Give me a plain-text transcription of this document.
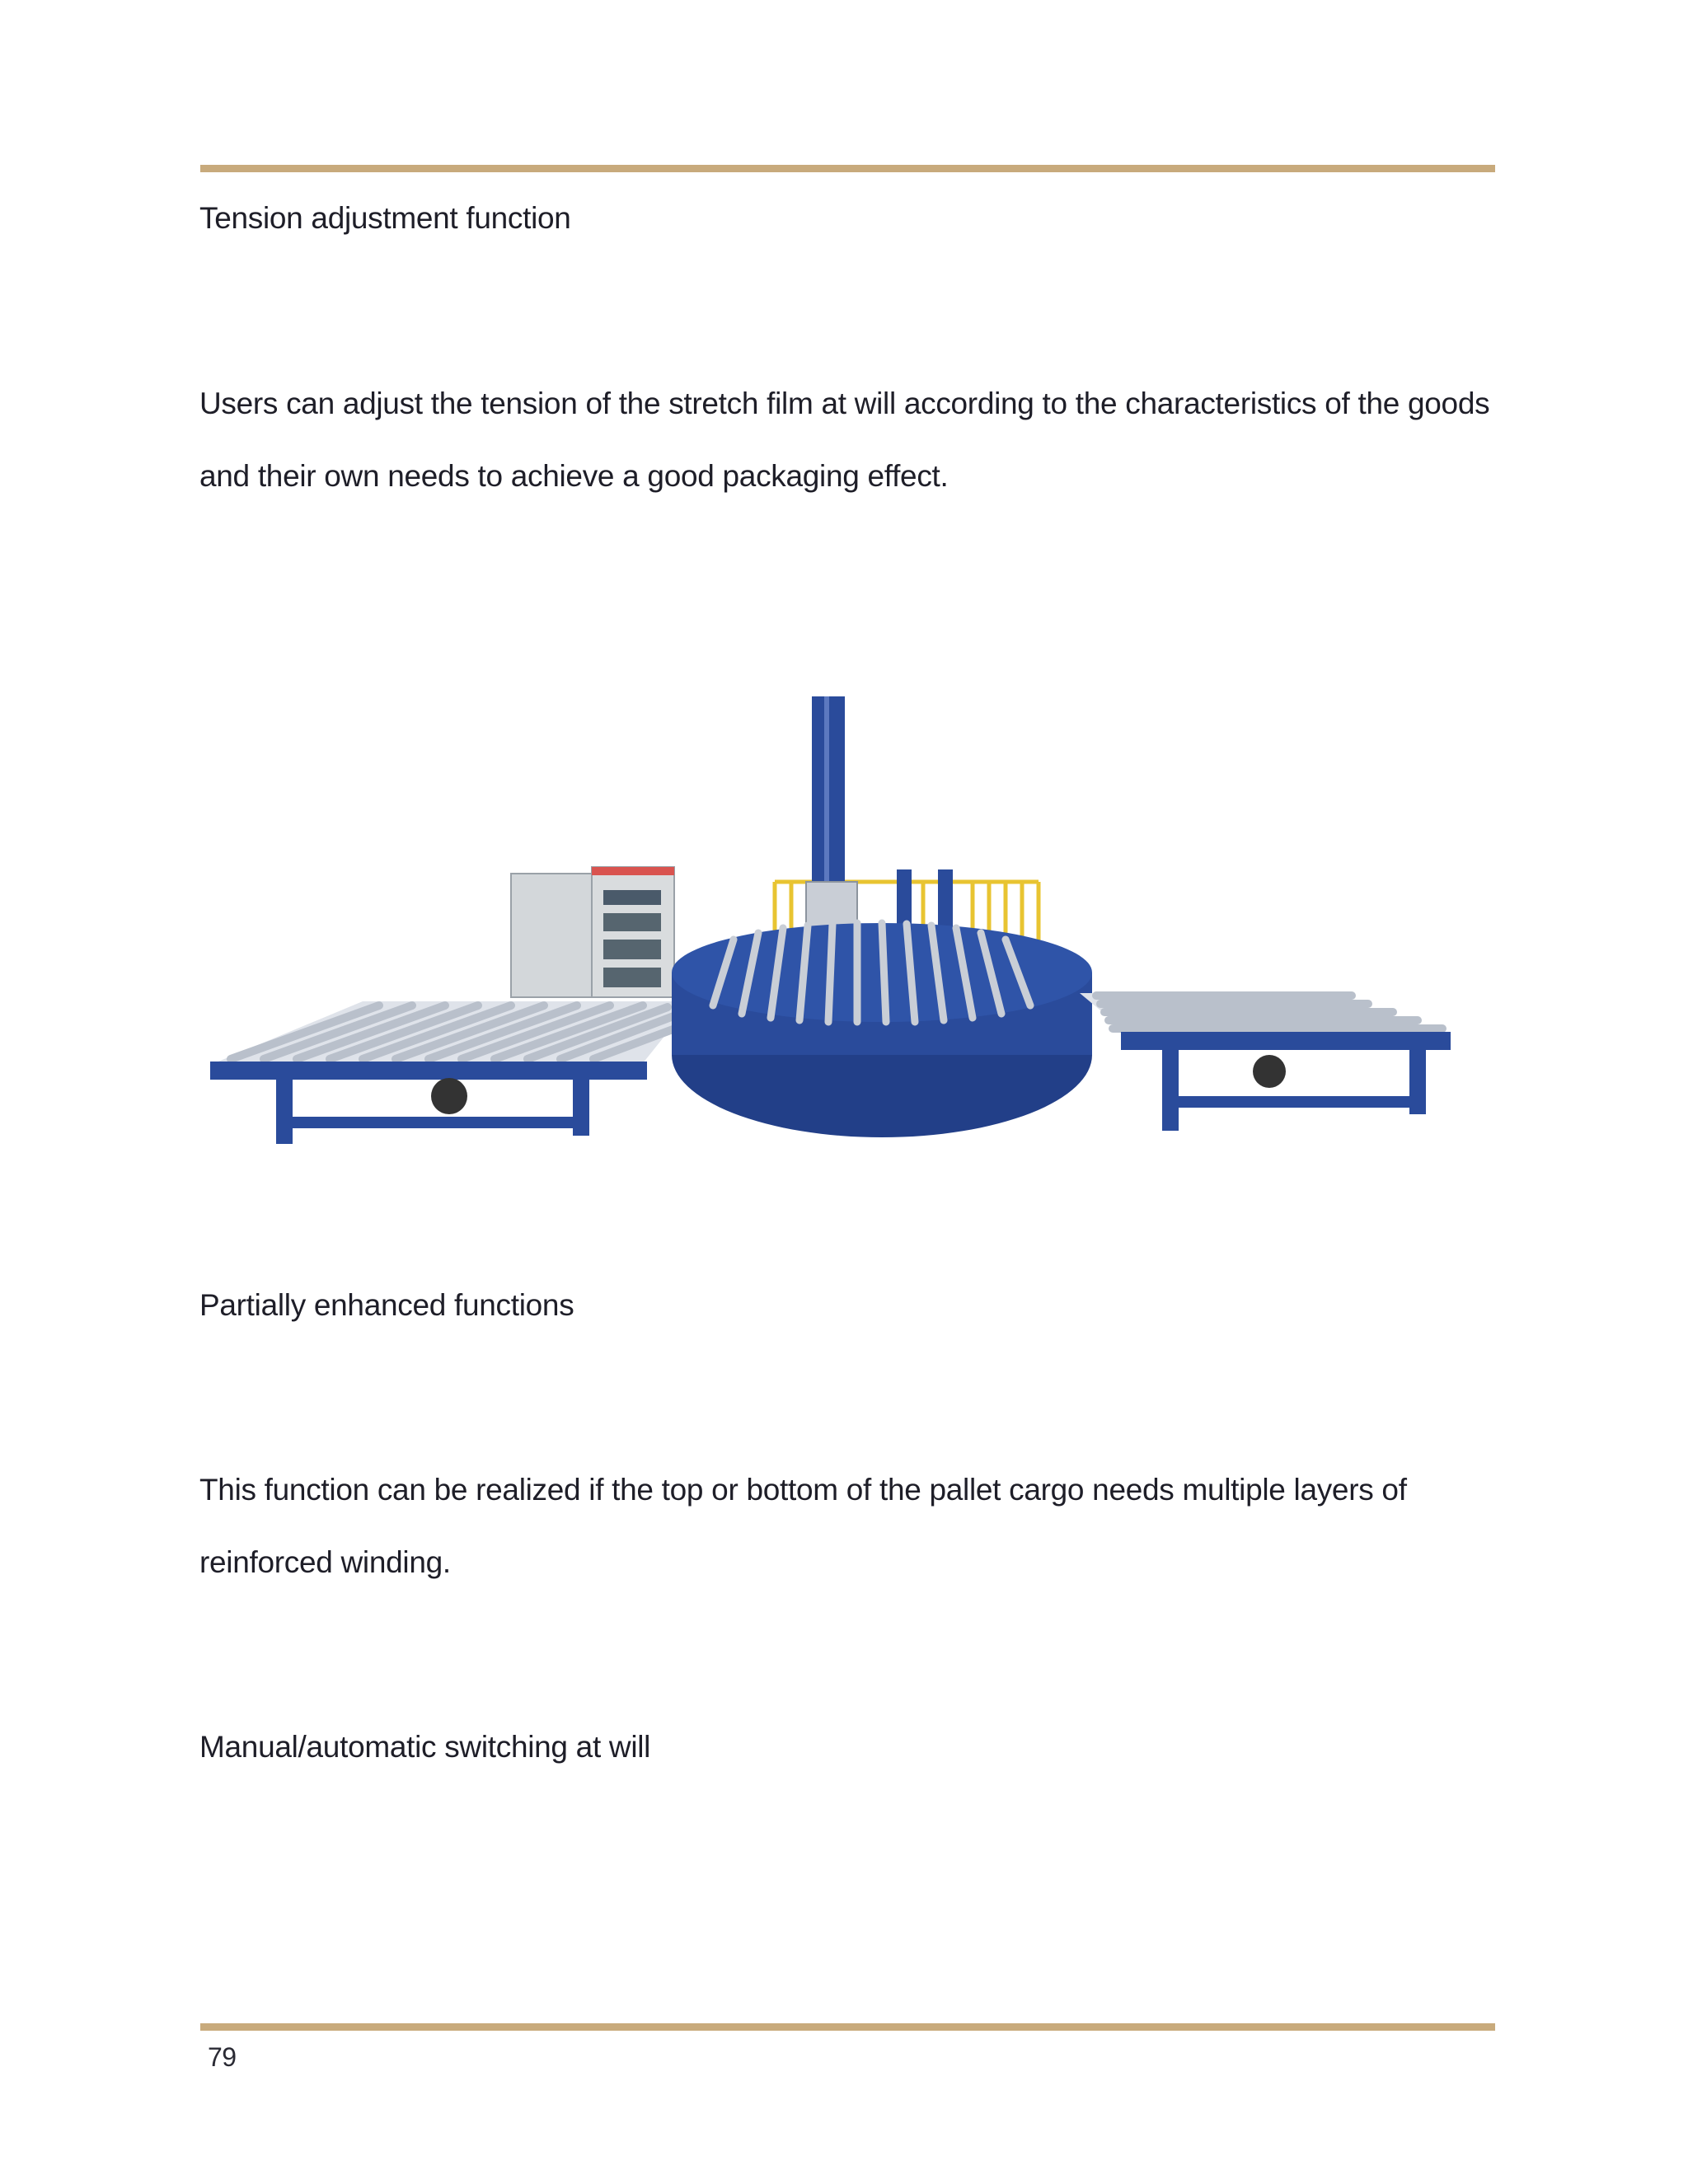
Tension adjustment function
Users can adjust the tension of the stretch film at will according to the characteristics of the goods and their own needs to achieve a good packaging effect.
Partially enhanced functions
This function can be realized if the top or bottom of the pallet cargo needs multiple layers of reinforced winding.
Manual/automatic switching at will
79
